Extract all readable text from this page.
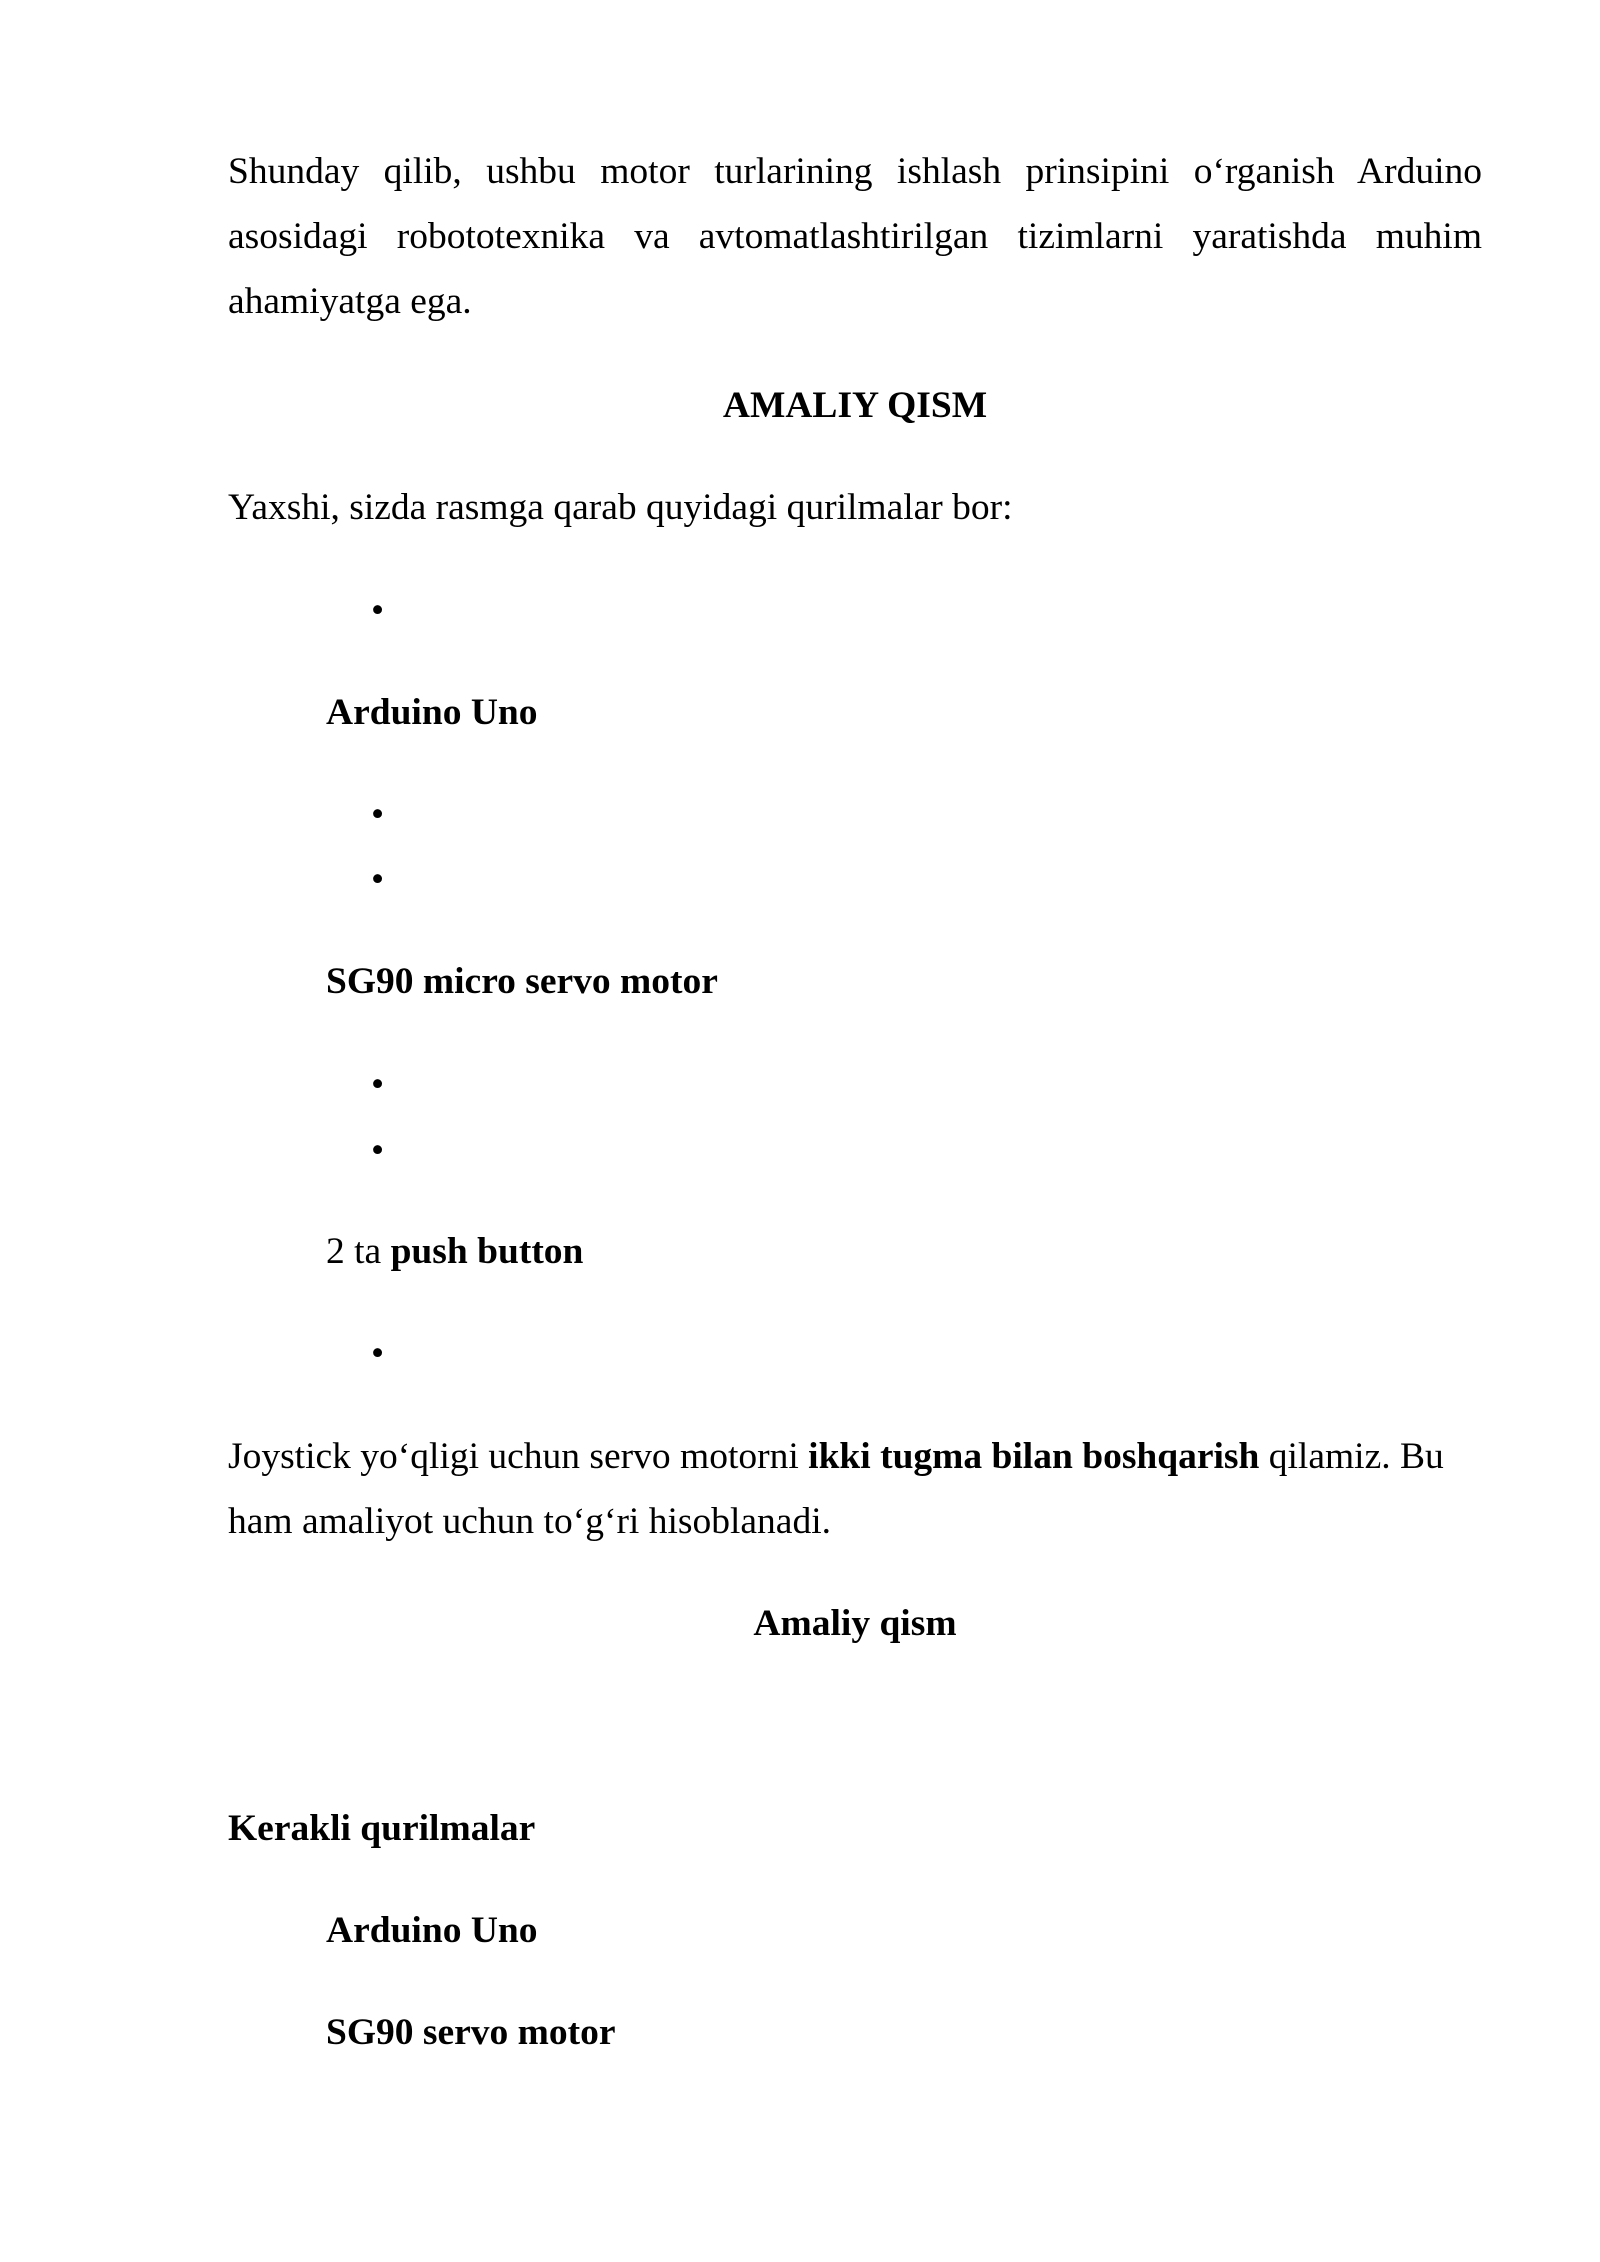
Shunday qilib, ushbu motor turlarining ishlash prinsipini o‘rganish Arduino asosidagi robototexnika va avtomatlashtirilgan tizimlarni yaratishda muhim ahamiyatga ega.

AMALIY QISM

Yaxshi, sizda rasmga qarab quyidagi qurilmalar bor:

•

Arduino Uno

•
•

SG90 micro servo motor

•
•

2 ta push button

•

Joystick yo‘qligi uchun servo motorni ikki tugma bilan boshqarish qilamiz. Bu ham amaliyot uchun to‘g‘ri hisoblanadi.

Amaliy qism

Kerakli qurilmalar

Arduino Uno

SG90 servo motor
